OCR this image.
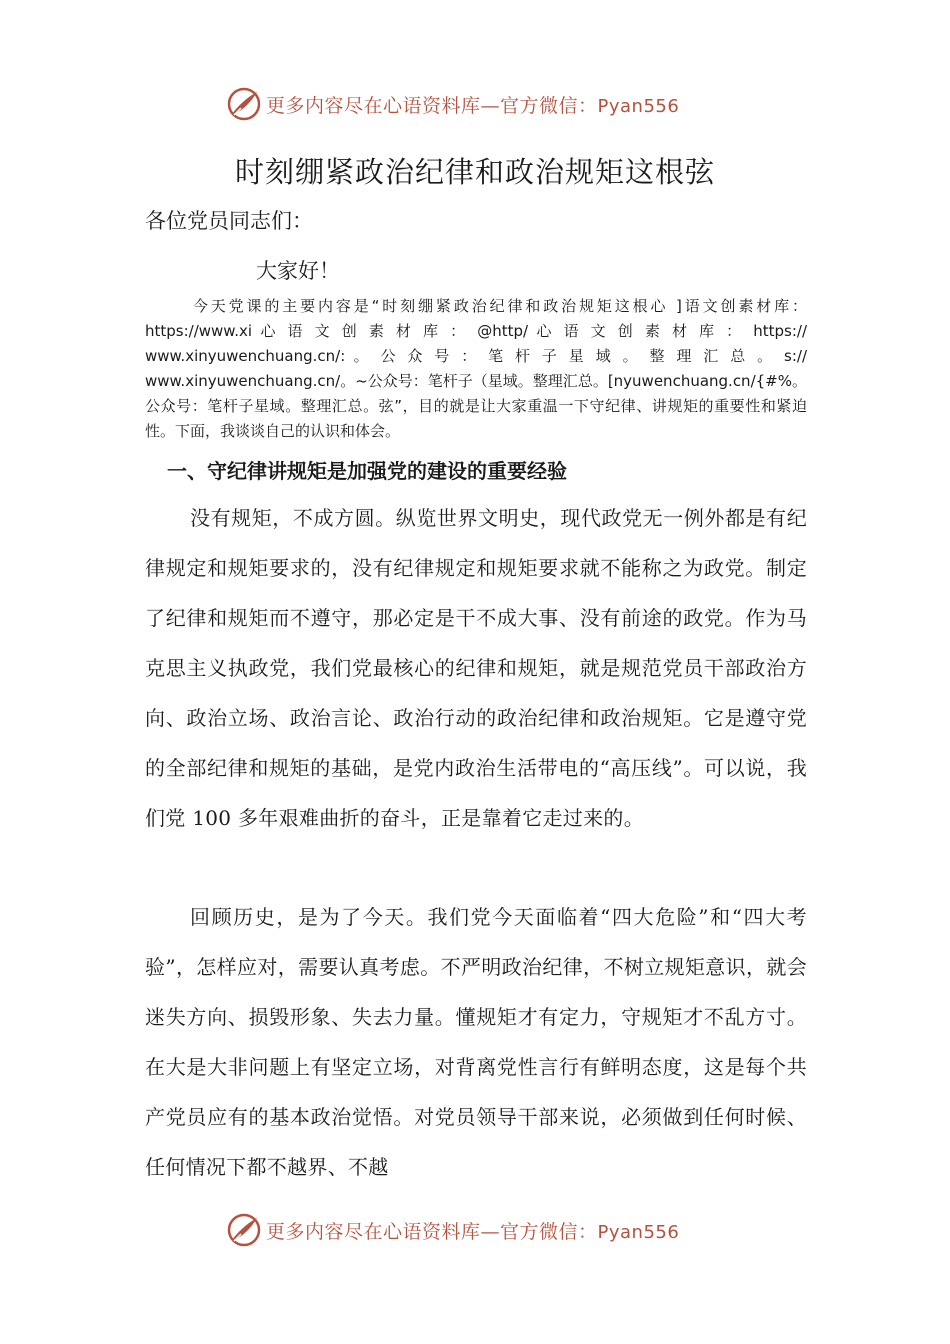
更多内容尽在心语资料库—官方微信：Pyan556
时刻绷紧政治纪律和政治规矩这根弦

各位党员同志们：

大家好！

今天党课的主要内容是“时刻绷紧政治纪律和政治规矩这根心 ]语文创素材库：https://www.xi 心 语 文 创 素 材 库 ： @http/ 心 语 文 创 素 材 库 ： https:// www.xinyuwenchuang.cn/: 。 公 众 号 ： 笔 杆 子 星 域 。 整 理 汇 总 。 s:// www.xinyuwenchuang.cn/。~公众号：笔杆子（星域。整理汇总。[nyuwenchuang.cn/{#%。公众号：笔杆子星域。整理汇总。弦”，目的就是让大家重温一下守纪律、讲规矩的重要性和紧迫性。下面，我谈谈自己的认识和体会。

一、守纪律讲规矩是加强党的建设的重要经验

没有规矩，不成方圆。纵览世界文明史，现代政党无一例外都是有纪律规定和规矩要求的，没有纪律规定和规矩要求就不能称之为政党。制定了纪律和规矩而不遵守，那必定是干不成大事、没有前途的政党。作为马克思主义执政党，我们党最核心的纪律和规矩，就是规范党员干部政治方向、政治立场、政治言论、政治行动的政治纪律和政治规矩。它是遵守党的全部纪律和规矩的基础，是党内政治生活带电的“高压线”。可以说，我们党 100 多年艰难曲折的奋斗，正是靠着它走过来的。

回顾历史，是为了今天。我们党今天面临着“四大危险”和“四大考验”，怎样应对，需要认真考虑。不严明政治纪律，不树立规矩意识，就会迷失方向、损毁形象、失去力量。懂规矩才有定力，守规矩才不乱方寸。在大是大非问题上有坚定立场，对背离党性言行有鲜明态度，这是每个共产党员应有的基本政治觉悟。对党员领导干部来说，必须做到任何时候、任何情况下都不越界、不越

更多内容尽在心语资料库—官方微信：Pyan556
